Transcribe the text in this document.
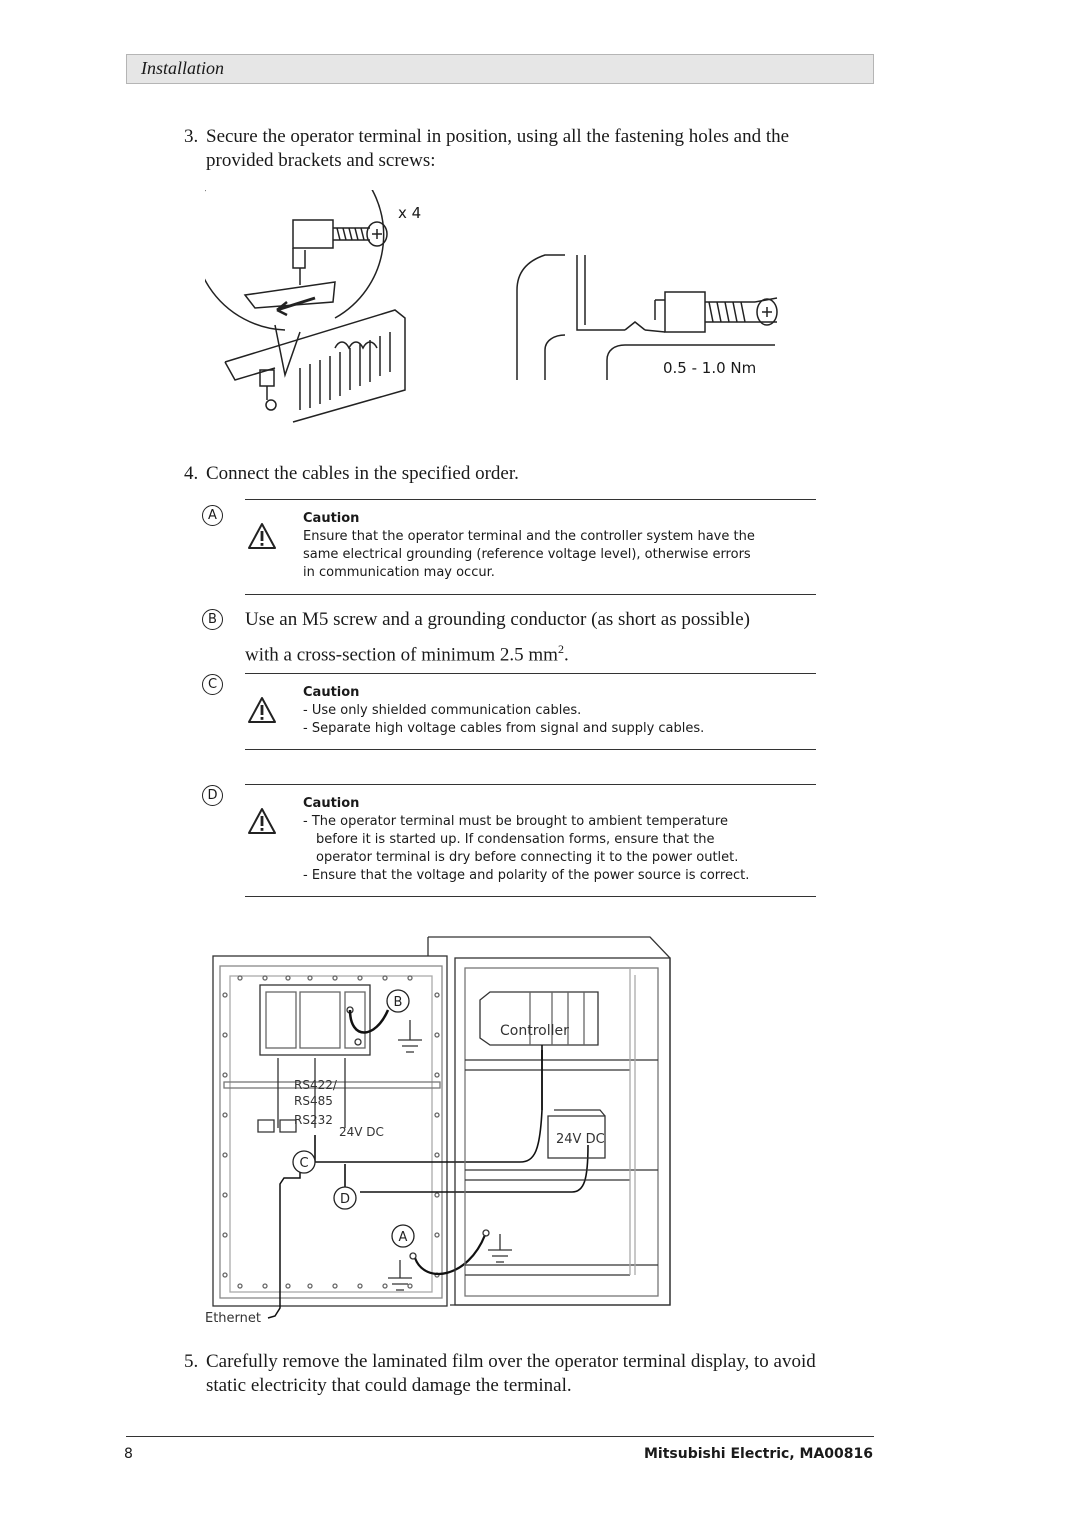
Installation
3. Secure the operator terminal in position, using all the fastening holes and the
provided brackets and screws:
x 4
0.5 - 1.0 Nm
4. Connect the cables in the specified order.
A	Caution
Ensure that the operator terminal and the controller system have the
same electrical grounding (reference voltage level), otherwise errors
in communication may occur.
B	Use an M5 screw and a grounding conductor (as short as possible)
with a cross-section of minimum 2.5 $mm^2$.
C
Caution
- Use only shielded communication cables.
- Separate high voltage cables from signal and supply cables.
D
Caution
- The operator terminal must be brought to ambient temperature
before it is started up. If condensation forms, ensure that the
operator terminal is dry before connecting it to the power outlet.
- Ensure that the voltage and polarity of the power source is correct.
B
C
D
A
RS422/
RS485
RS232
24V DC
Controller
24V DC
Ethernet
5. Carefully remove the laminated film over the operator terminal display, to avoid
static electricity that could damage the terminal.
8	Mitsubishi Electric, MA00816
